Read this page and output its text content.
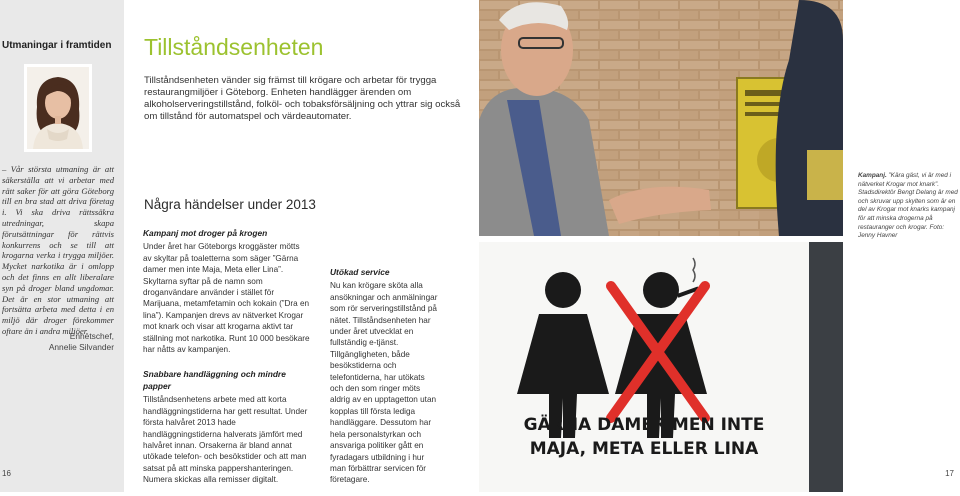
Utmaningar i framtiden
– Vår största utmaning är att säkerställa att vi arbetar med rätt saker för att göra Göteborg till en bra stad att driva företag i. Vi ska driva rättssäkra utredningar, skapa förutsättningar för rättvis konkurrens och se till att krogarna verka i trygga miljöer. Mycket narkotika är i omlopp och det finns en allt liberalare syn på droger bland ungdomar. Det är en stor utmaning att fortsätta arbeta med detta i en miljö där droger förekommer oftare än i andra miljöer.
Enhetschef,
Annelie Silvander
16
Tillståndsenheten
Tillståndsenheten vänder sig främst till krögare och arbetar för trygga restaurangmiljöer i Göteborg. Enheten handlägger ärenden om alkoholserveringstillstånd, folköl- och tobaksförsäljning och yttrar sig också om tillstånd för automatspel och värdeautomater.
Några händelser under 2013
Kampanj mot droger på krogen

Under året har Göteborgs kroggäster mötts av skyltar på toaletterna som säger ”Gärna damer men inte Maja, Meta eller Lina”. Skyltarna syftar på de namn som droganvändare använder i stället för Marijuana, metamfetamin och kokain (”Dra en lina”). Kampanjen drevs av nätverket Krogar mot knark och visar att krogarna aktivt tar ställning mot narkotika. Runt 10 000 besökare har nåtts av kampanjen.

Snabbare handläggning och mindre papper

Tillståndsenhetens arbete med att korta handläggningstiderna har gett resultat. Under första halvåret 2013 hade handläggningstiderna halverats jämfört med halvåret innan. Orsakerna är bland annat utökade telefon- och besökstider och att man satsat på att minska pappershanteringen. Numera skickas alla remisser digitalt.

Utökad service

Nu kan krögare sköta alla ansökningar och anmälningar som rör serveringstillstånd på nätet. Tillståndsenheten har under året utvecklat en fullständig e-tjänst. Tillgängligheten, både besökstiderna och telefontiderna, har utökats och den som ringer möts aldrig av en upptagetton utan kopplas till första lediga handläggare. Dessutom har hela personalstyrkan och ansvariga politiker gått en fyradagars utbildning i hur man förbättrar servicen för företagare.

GÄRNA DAMER MEN INTE
MAJA, META ELLER LINA
Kampanj. ”Kära gäst, vi är med i nätverket Krogar mot knark”. Stadsdirektör Bengt Delang är med och skruvar upp skylten som är en del av Krogar mot knarks kampanj för att minska drogerna på restauranger och krogar. Foto: Jenny Havner
17
